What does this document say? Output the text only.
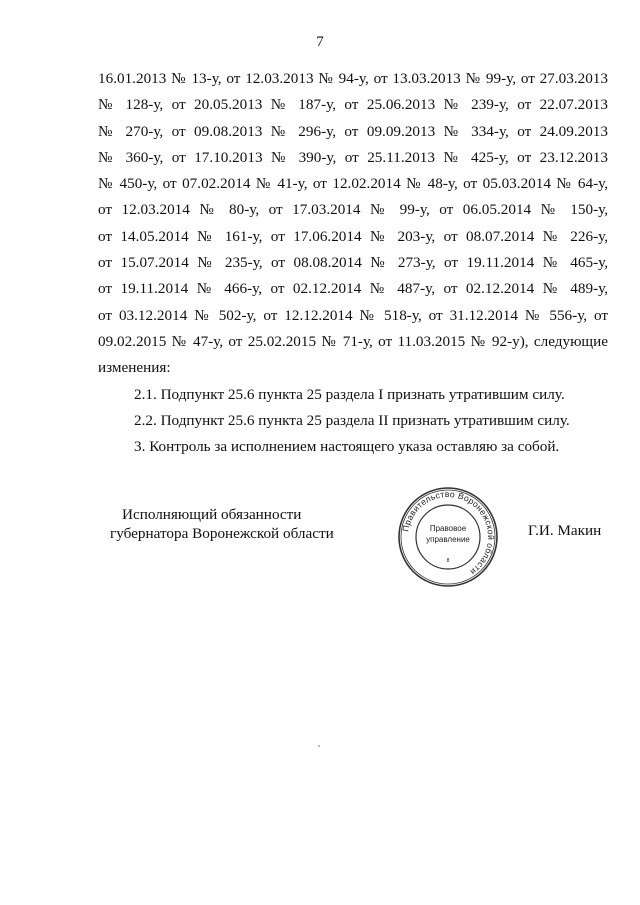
7

16.01.2013 № 13-у, от 12.03.2013 № 94-у, от 13.03.2013 № 99-у, от 27.03.2013

№ 128-у, от 20.05.2013 № 187-у, от 25.06.2013 № 239-у, от 22.07.2013

№ 270-у, от 09.08.2013 № 296-у, от 09.09.2013 № 334-у, от 24.09.2013

№ 360-у, от 17.10.2013 № 390-у, от 25.11.2013 № 425-у, от 23.12.2013

№ 450-у, от 07.02.2014 № 41-у, от 12.02.2014 № 48-у, от 05.03.2014 № 64-у,

от 12.03.2014 № 80-у, от 17.03.2014 № 99-у, от 06.05.2014 № 150-у,

от 14.05.2014 № 161-у, от 17.06.2014 № 203-у, от 08.07.2014 № 226-у,

от 15.07.2014 № 235-у, от 08.08.2014 № 273-у, от 19.11.2014 № 465-у,

от 19.11.2014 № 466-у, от 02.12.2014 № 487-у, от 02.12.2014 № 489-у,

от 03.12.2014 № 502-у, от 12.12.2014 № 518-у, от 31.12.2014 № 556-у, от

09.02.2015 № 47-у, от 25.02.2015 № 71-у, от 11.03.2015 № 92-у), следующие

изменения:

2.1. Подпункт 25.6 пункта 25 раздела I признать утратившим силу.

2.2. Подпункт 25.6 пункта 25 раздела II признать утратившим силу.

3. Контроль за исполнением настоящего указа оставляю за собой.

Исполняющий обязанности
губернатора Воронежской области	Г.И. Макин
Правительство Воронежской области
Правовое
управление
8
